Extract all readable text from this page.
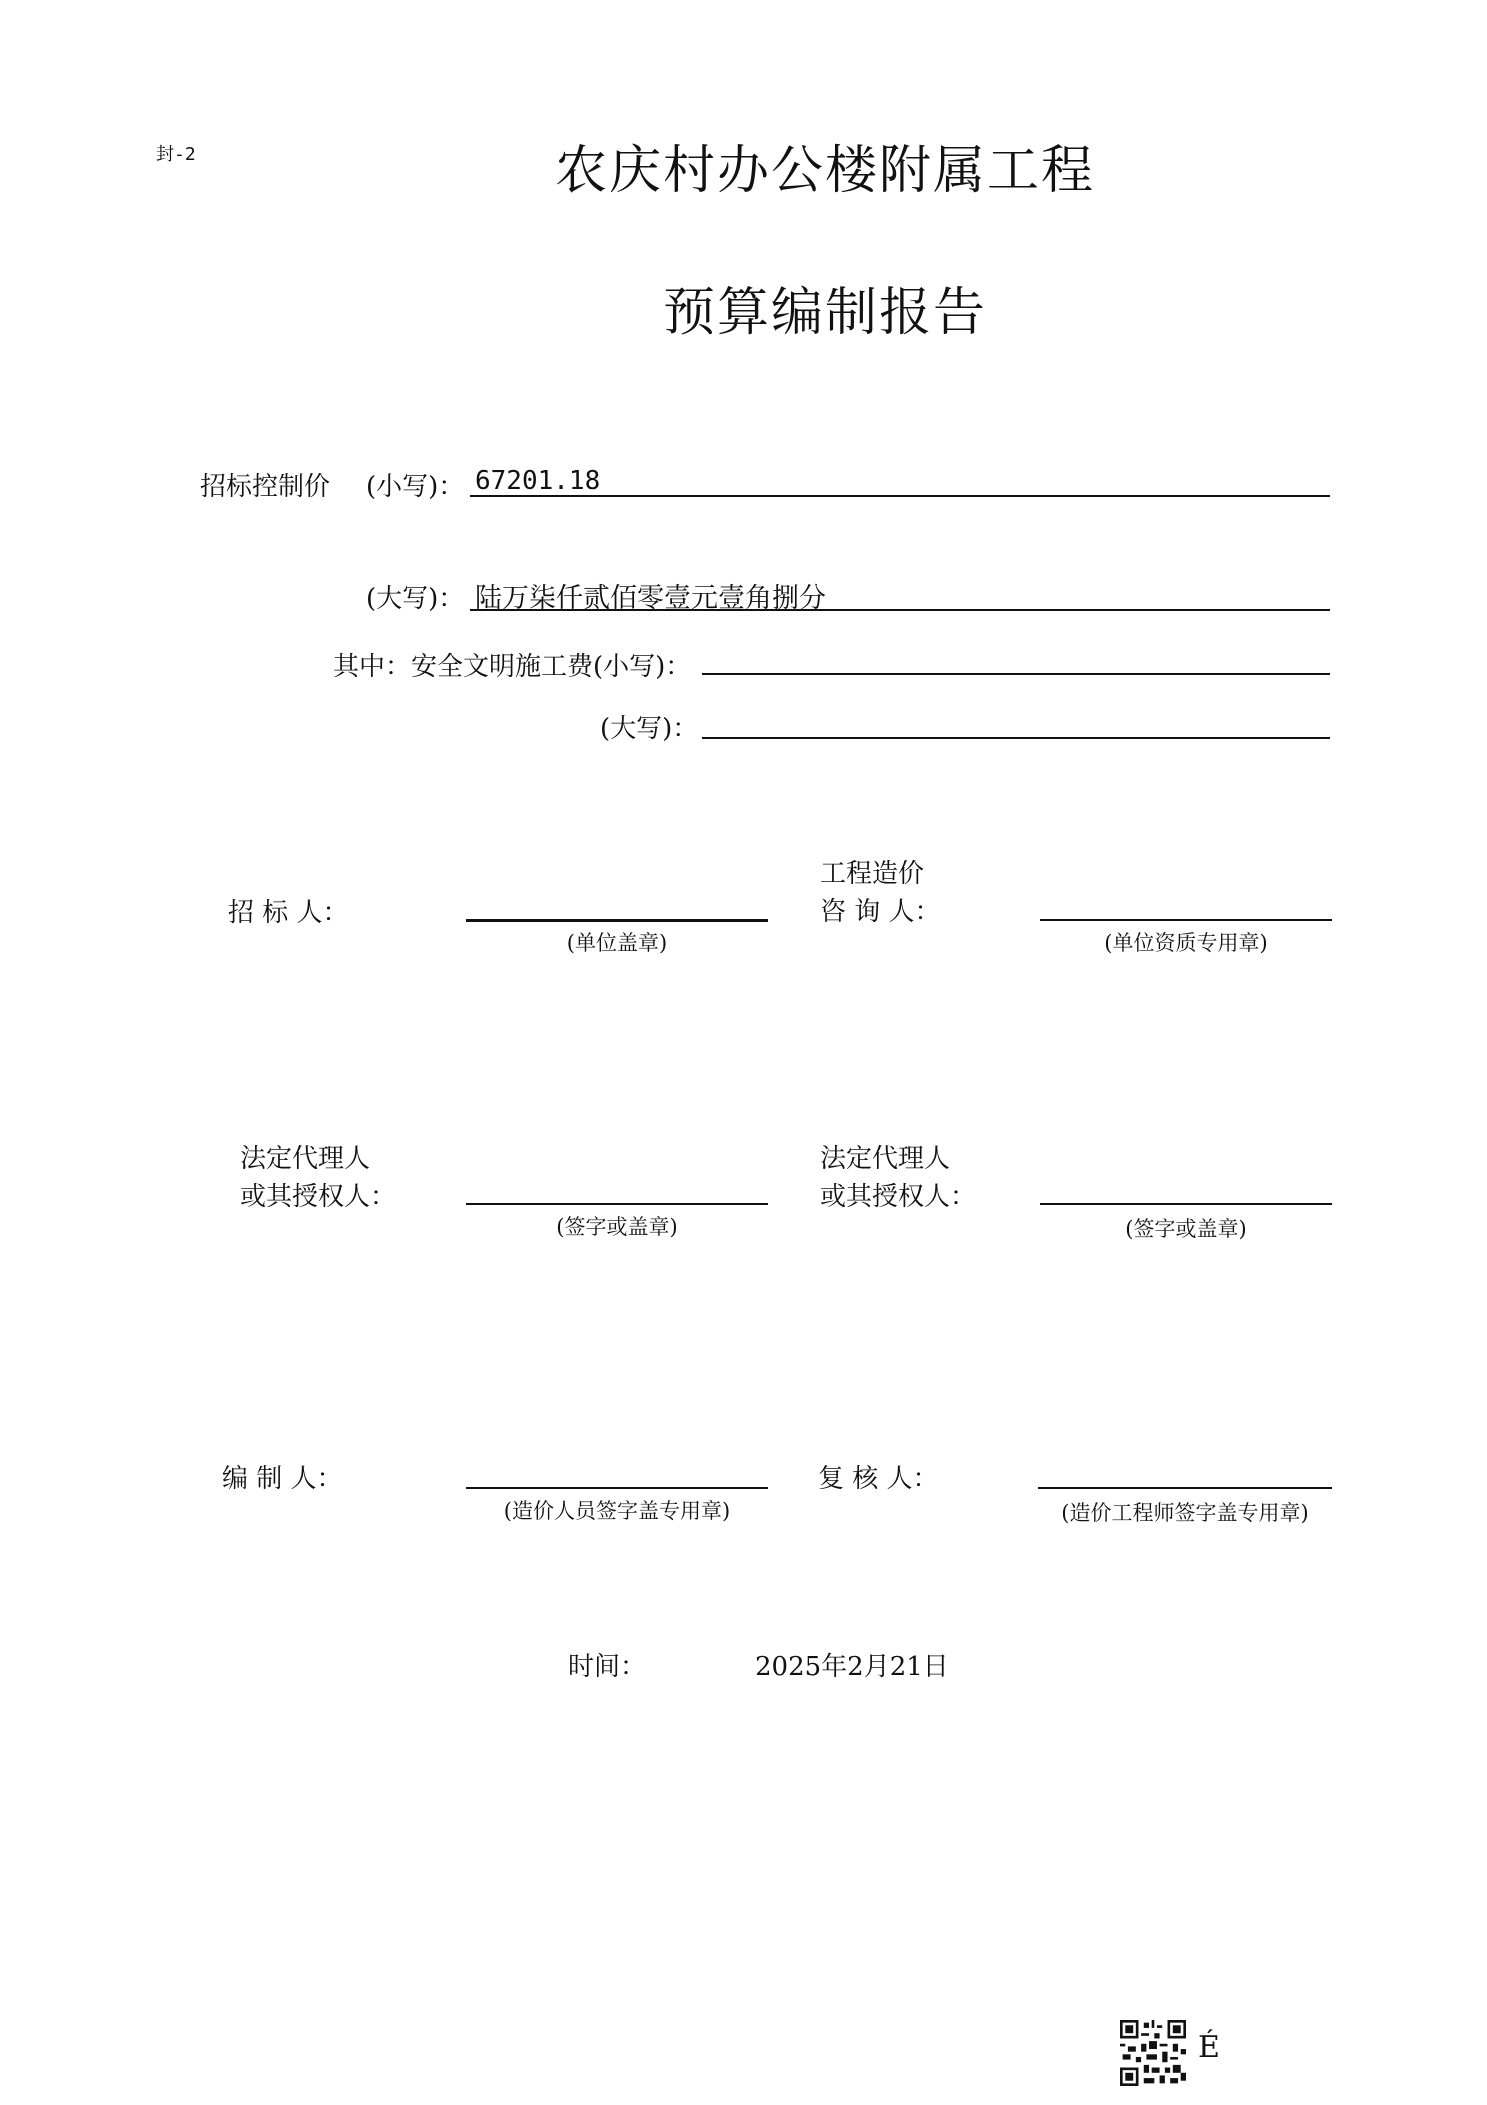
封-2	农庆村办公楼附属工程
预算编制报告
招标控制价 (小写)： 67201.18
(大写)： 陆万柒仟贰佰零壹元壹角捌分
其中：安全文明施工费(小写)：
(大写)：
招 标 人：
(单位盖章)
工程造价
咨 询 人：
(单位资质专用章)
法定代理人
或其授权人：
(签字或盖章)
法定代理人
或其授权人：
(签字或盖章)
编 制 人：
(造价人员签字盖专用章)
复 核 人：
(造价工程师签字盖专用章)
时间：	2025年2月21日
É
